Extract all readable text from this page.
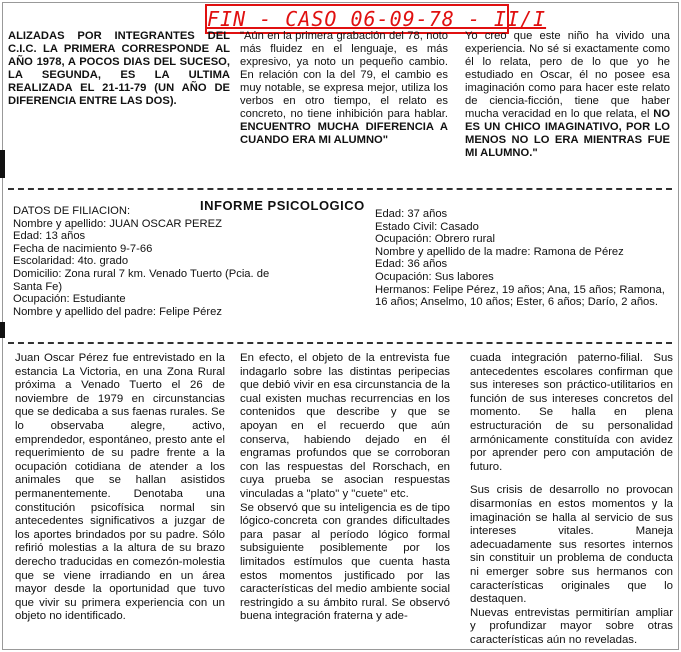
FIN - CASO 06-09-78 - II/I

ALIZADAS POR INTEGRANTES DEL C.I.C. LA PRIMERA CORRESPONDE AL AÑO 1978, A POCOS DIAS DEL SUCESO, LA SEGUNDA, ES LA ULTIMA REALIZADA EL 21-11-79 (UN AÑO DE DIFERENCIA ENTRE LAS DOS).

"Aún en la primera grabación del 78, noto más fluidez en el lenguaje, es más expresivo, ya noto un pequeño cambio. En relación con la del 79, el cambio es muy notable, se expresa mejor, utiliza los verbos en otro tiempo, el relato es concreto, no tiene inhibición para hablar. ENCUENTRO MUCHA DIFERENCIA A CUANDO ERA MI ALUMNO"

Yo creo que este niño ha vivido una experiencia. No sé si exactamente como él lo relata, pero de lo que yo he estudiado en Oscar, él no posee esa imaginación como para hacer este relato de ciencia-ficción, tiene que haber mucha veracidad en lo que relata, el NO ES UN CHICO IMAGINATIVO, POR LO MENOS NO LO ERA MIENTRAS FUE MI ALUMNO."

INFORME PSICOLOGICO
DATOS DE FILIACION:
Nombre y apellido: JUAN OSCAR PEREZ
Edad: 13 años
Fecha de nacimiento 9-7-66
Escolaridad: 4to. grado
Domicilio: Zona rural 7 km. Venado Tuerto (Pcia. de
Santa Fe)
Ocupación: Estudiante
Nombre y apellido del padre: Felipe Pérez
Edad: 37 años
Estado Civil: Casado
Ocupación: Obrero rural
Nombre y apellido de la madre: Ramona de Pérez
Edad: 36 años
Ocupación: Sus labores
Hermanos: Felipe Pérez, 19 años; Ana, 15 años; Ramona, 16 años; Anselmo, 10 años; Ester, 6 años; Darío, 2 años.

Juan Oscar Pérez fue entrevistado en la estancia La Victoria, en una Zona Rural próxima a Venado Tuerto el 26 de noviembre de 1979 en circunstancias que se dedicaba a sus faenas rurales. Se lo observaba alegre, activo, emprendedor, espontáneo, presto ante el requerimiento de su padre frente a la ocupación cotidiana de atender a los animales que se hallan asistidos permanentemente. Denotaba una constitución psicofísica normal sin antecedentes significativos a juzgar de los aportes brindados por su padre. Sólo refirió molestias a la altura de su brazo derecho traducidas en comezón-molestia que se viene irradiando en un área mayor desde la oportunidad que tuvo que vivir su primera experiencia con un objeto no identificado.

En efecto, el objeto de la entrevista fue indagarlo sobre las distintas peripecias que debió vivir en esa circunstancia de la cual existen muchas recurrencias en los contenidos que describe y que se apoyan en el recuerdo que aún conserva, habiendo dejado en él engramas profundos que se corroboran con las respuestas del Rorschach, en cuya prueba se asocian respuestas vinculadas a "plato" y "cuete" etc.

Se observó que su inteligencia es de tipo lógico-concreta con grandes dificultades para pasar al período lógico formal subsiguiente posiblemente por los limitados estímulos que cuenta hasta estos momentos justificado por las características del medio ambiente social restringido a su ámbito rural. Se observó buena integración fraterna y ade-

cuada integración paterno-filial. Sus antecedentes escolares confirman que sus intereses son práctico-utilitarios en función de sus intereses concretos del momento. Se halla en plena estructuración de su personalidad armónicamente constituída con avidez por aprender pero con amputación de futuro.

Sus crisis de desarrollo no provocan disarmonías en estos momentos y la imaginación se halla al servicio de sus intereses vitales. Maneja adecuadamente sus resortes internos sin constituir un problema de conducta ni emerger sobre sus hermanos con características originales que lo destaquen.

Nuevas entrevistas permitirían ampliar y profundizar mayor sobre otras características aún no reveladas.
